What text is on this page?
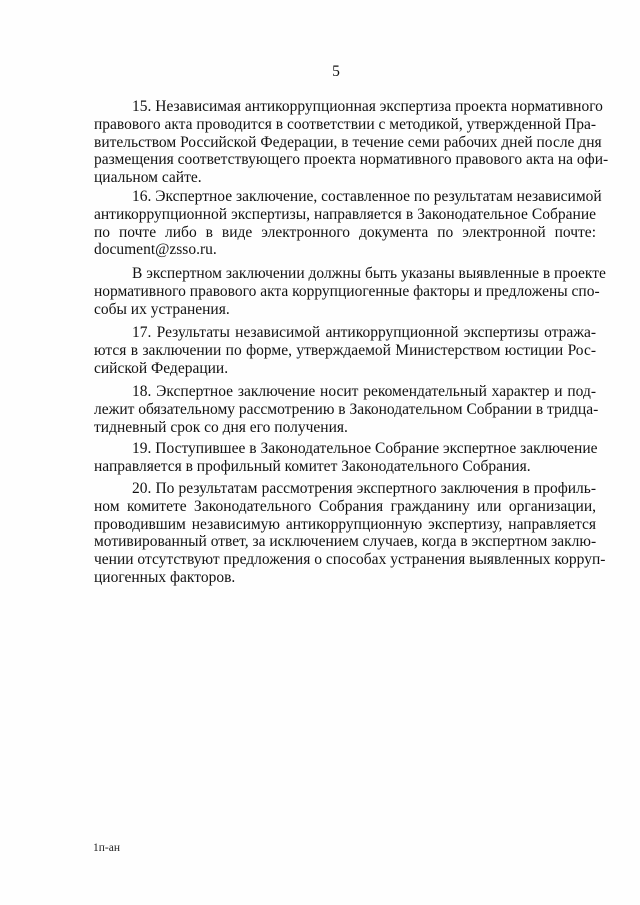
5
15. Независимая антикоррупционная экспертиза проекта нормативного
правового акта проводится в соответствии с методикой, утвержденной Пра-
вительством Российской Федерации, в течение семи рабочих дней после дня
размещения соответствующего проекта нормативного правового акта на офи-
циальном сайте.
16. Экспертное заключение, составленное по результатам независимой
антикоррупционной экспертизы, направляется в Законодательное Собрание
по почте либо в виде электронного документа по электронной почте:
document@zsso.ru.
В экспертном заключении должны быть указаны выявленные в проекте
нормативного правового акта коррупциогенные факторы и предложены спо-
собы их устранения.
17. Результаты независимой антикоррупционной экспертизы отража-
ются в заключении по форме, утверждаемой Министерством юстиции Рос-
сийской Федерации.
18. Экспертное заключение носит рекомендательный характер и под-
лежит обязательному рассмотрению в Законодательном Собрании в тридца-
тидневный срок со дня его получения.
19. Поступившее в Законодательное Собрание экспертное заключение
направляется в профильный комитет Законодательного Собрания.
20. По результатам рассмотрения экспертного заключения в профиль-
ном комитете Законодательного Собрания гражданину или организации,
проводившим независимую антикоррупционную экспертизу, направляется
мотивированный ответ, за исключением случаев, когда в экспертном заклю-
чении отсутствуют предложения о способах устранения выявленных корруп-
циогенных факторов.
1п-ан
